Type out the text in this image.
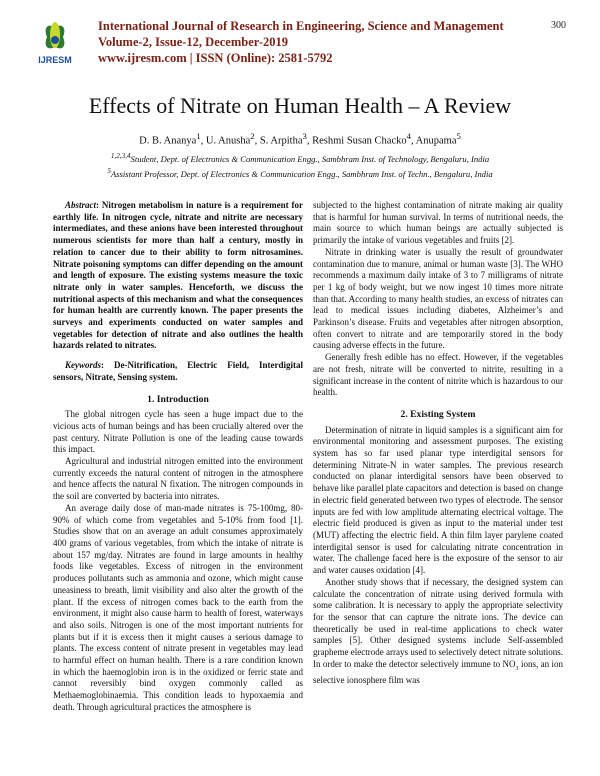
IJRESM
International Journal of Research in Engineering, Science and Management
Volume-2, Issue-12, December-2019
www.ijresm.com | ISSN (Online): 2581-5792
300
Effects of Nitrate on Human Health – A Review
D. B. Ananya$^1$, U. Anusha$^2$, S. Arpitha$^3$, Reshmi Susan Chacko$^4$, Anupama$^5$
$^{1,2,3,4}$Student, Dept. of Electronics & Communication Engg., Sambhram Inst. of Technology, Bengaluru, India
$^5$Assistant Professor, Dept. of Electronics & Communication Engg., Sambhram Inst. of Techn., Bengaluru, India

Abstract: Nitrogen metabolism in nature is a requirement for earthly life. In nitrogen cycle, nitrate and nitrite are necessary intermediates, and these anions have been interested throughout numerous scientists for more than half a century, mostly in relation to cancer due to their ability to form nitrosamines. Nitrate poisoning symptoms can differ depending on the amount and length of exposure. The existing systems measure the toxic nitrate only in water samples. Henceforth, we discuss the nutritional aspects of this mechanism and what the consequences for human health are currently known. The paper presents the surveys and experiments conducted on water samples and vegetables for detection of nitrate and also outlines the health hazards related to nitrates.

Keywords: De-Nitrification, Electric Field, Interdigital sensors, Nitrate, Sensing system.

1. Introduction

The global nitrogen cycle has seen a huge impact due to the vicious acts of human beings and has been crucially altered over the past century. Nitrate Pollution is one of the leading cause towards this impact.

Agricultural and industrial nitrogen emitted into the environment currently exceeds the natural content of nitrogen in the atmosphere and hence affects the natural N fixation. The nitrogen compounds in the soil are converted by bacteria into nitrates.

An average daily dose of man-made nitrates is 75-100mg, 80-90% of which come from vegetables and 5-10% from food [1]. Studies show that on an average an adult consumes approximately 400 grams of various vegetables, from which the intake of nitrate is about 157 mg/day. Nitrates are found in large amounts in healthy foods like vegetables. Excess of nitrogen in the environment produces pollutants such as ammonia and ozone, which might cause uneasiness to breath, limit visibility and also alter the growth of the plant. If the excess of nitrogen comes back to the earth from the environment, it might also cause harm to health of forest, waterways and also soils. Nitrogen is one of the most important nutrients for plants but if it is excess then it might causes a serious damage to plants. The excess content of nitrate present in vegetables may lead to harmful effect on human health. There is a rare condition known in which the haemoglobin iron is in the oxidized or ferric state and cannot reversibly bind oxygen commonly called as Methaemoglobinaemia. This condition leads to hypoxaemia and death. Through agricultural practices the atmosphere is

subjected to the highest contamination of nitrate making air quality that is harmful for human survival. In terms of nutritional needs, the main source to which human beings are actually subjected is primarily the intake of various vegetables and fruits [2].

Nitrate in drinking water is usually the result of groundwater contamination due to manure, animal or human waste [3]. The WHO recommends a maximum daily intake of 3 to 7 milligrams of nitrate per 1 kg of body weight, but we now ingest 10 times more nitrate than that. According to many health studies, an excess of nitrates can lead to medical issues including diabetes, Alzheimer’s and Parkinson’s disease. Fruits and vegetables after nitrogen absorption, often convert to nitrate and are temporarily stored in the body causing adverse effects in the future.

Generally fresh edible has no effect. However, if the vegetables are not fresh, nitrate will be converted to nitrite, resulting in a significant increase in the content of nitrite which is hazardous to our health.

2. Existing System

Determination of nitrate in liquid samples is a significant aim for environmental monitoring and assessment purposes. The existing system has so far used planar type interdigital sensors for determining Nitrate-N in water samples. The previous research conducted on planar interdigital sensors have been observed to behave like parallel plate capacitors and detection is based on change in electric field generated between two types of electrode. The sensor inputs are fed with low amplitude alternating electrical voltage. The electric field produced is given as input to the material under test (MUT) affecting the electric field. A thin film layer parylene coated interdigital sensor is used for calculating nitrate concentration in water. The challenge faced here is the exposure of the sensor to air and water causes oxidation [4].

Another study shows that if necessary, the designed system can calculate the concentration of nitrate using derived formula with some calibration. It is necessary to apply the appropriate selectivity for the sensor that can capture the nitrate ions. The device can theoretically be used in real-time applications to check water samples [5]. Other designed systems include Self-assembled grapheme electrode arrays used to selectively detect nitrate solutions. In order to make the detector selectively immune to $NO_3$ ions, an ion selective ionosphere film was
